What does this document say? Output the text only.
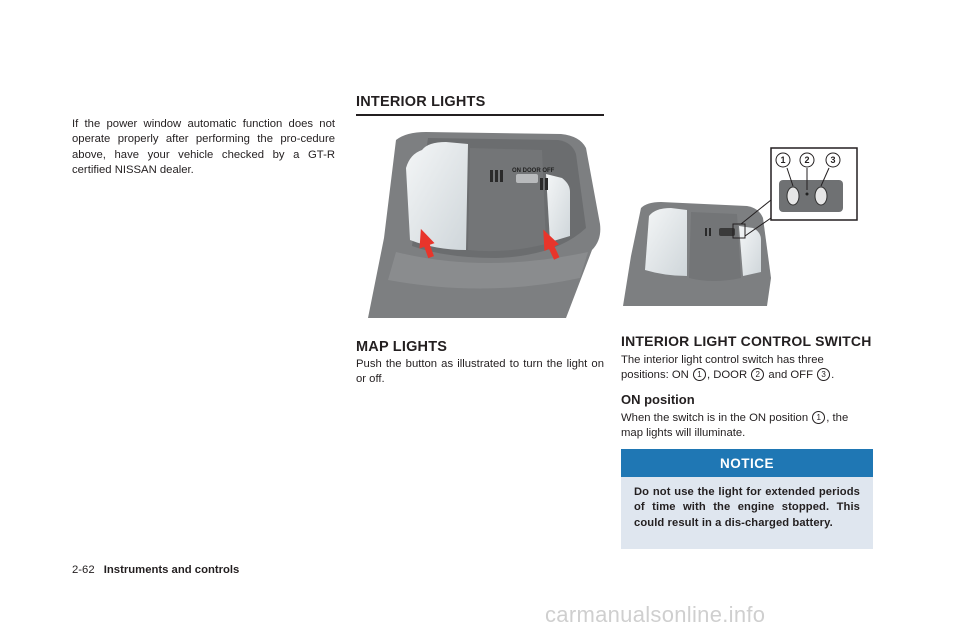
If the power window automatic function does not operate properly after performing the pro-cedure above, have your vehicle checked by a GT-R certified NISSAN dealer.

INTERIOR LIGHTS
ON DOOR OFF
MAP LIGHTS

Push the button as illustrated to turn the light on or off.

1 2 3
INTERIOR LIGHT CONTROL SWITCH

The interior light control switch has three positions: ON 1 , DOOR 2 and OFF 3 .

ON position

When the switch is in the ON position 1 , the map lights will illuminate.

NOTICE
Do not use the light for extended periods of time with the engine stopped. This could result in a dis-charged battery.
2-62 Instruments and controls
carmanualsonline.info
